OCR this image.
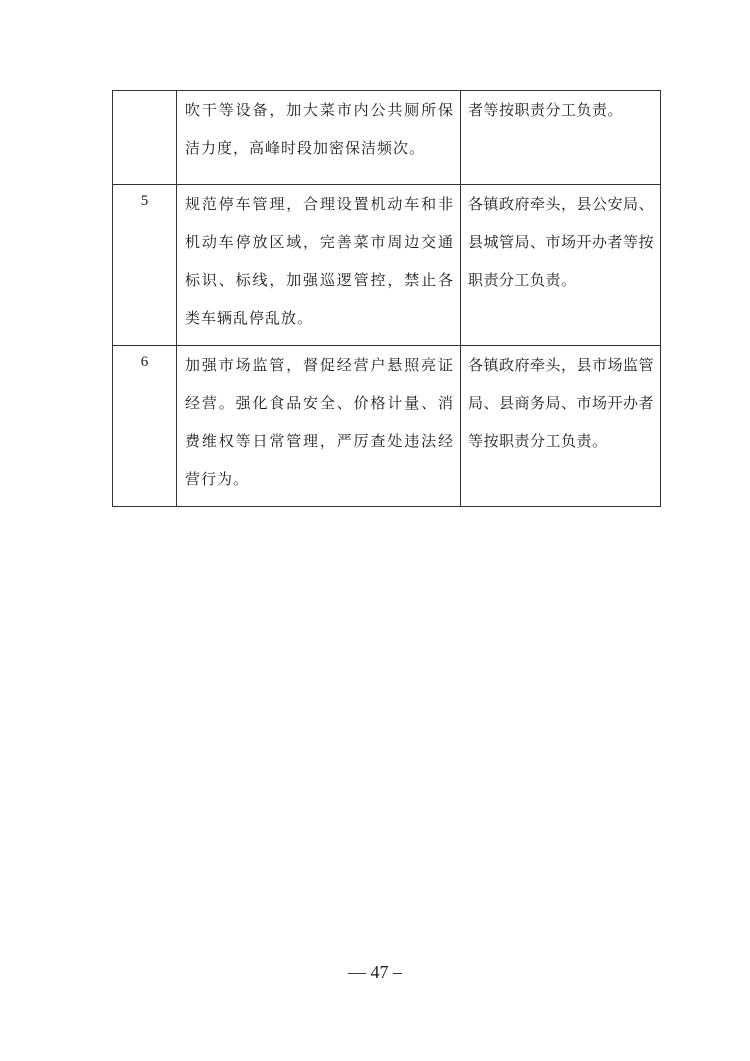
	吹干等设备，加大菜市内公共厕所保洁力度，高峰时段加密保洁频次。	者等按职责分工负责。
5	规范停车管理，合理设置机动车和非机动车停放区域，完善菜市周边交通标识、标线，加强巡逻管控，禁止各类车辆乱停乱放。	各镇政府牵头，县公安局、县城管局、市场开办者等按职责分工负责。
6	加强市场监管，督促经营户悬照亮证经营。强化食品安全、价格计量、消费维权等日常管理，严厉查处违法经营行为。	各镇政府牵头，县市场监管局、县商务局、市场开办者等按职责分工负责。
— 47 –
